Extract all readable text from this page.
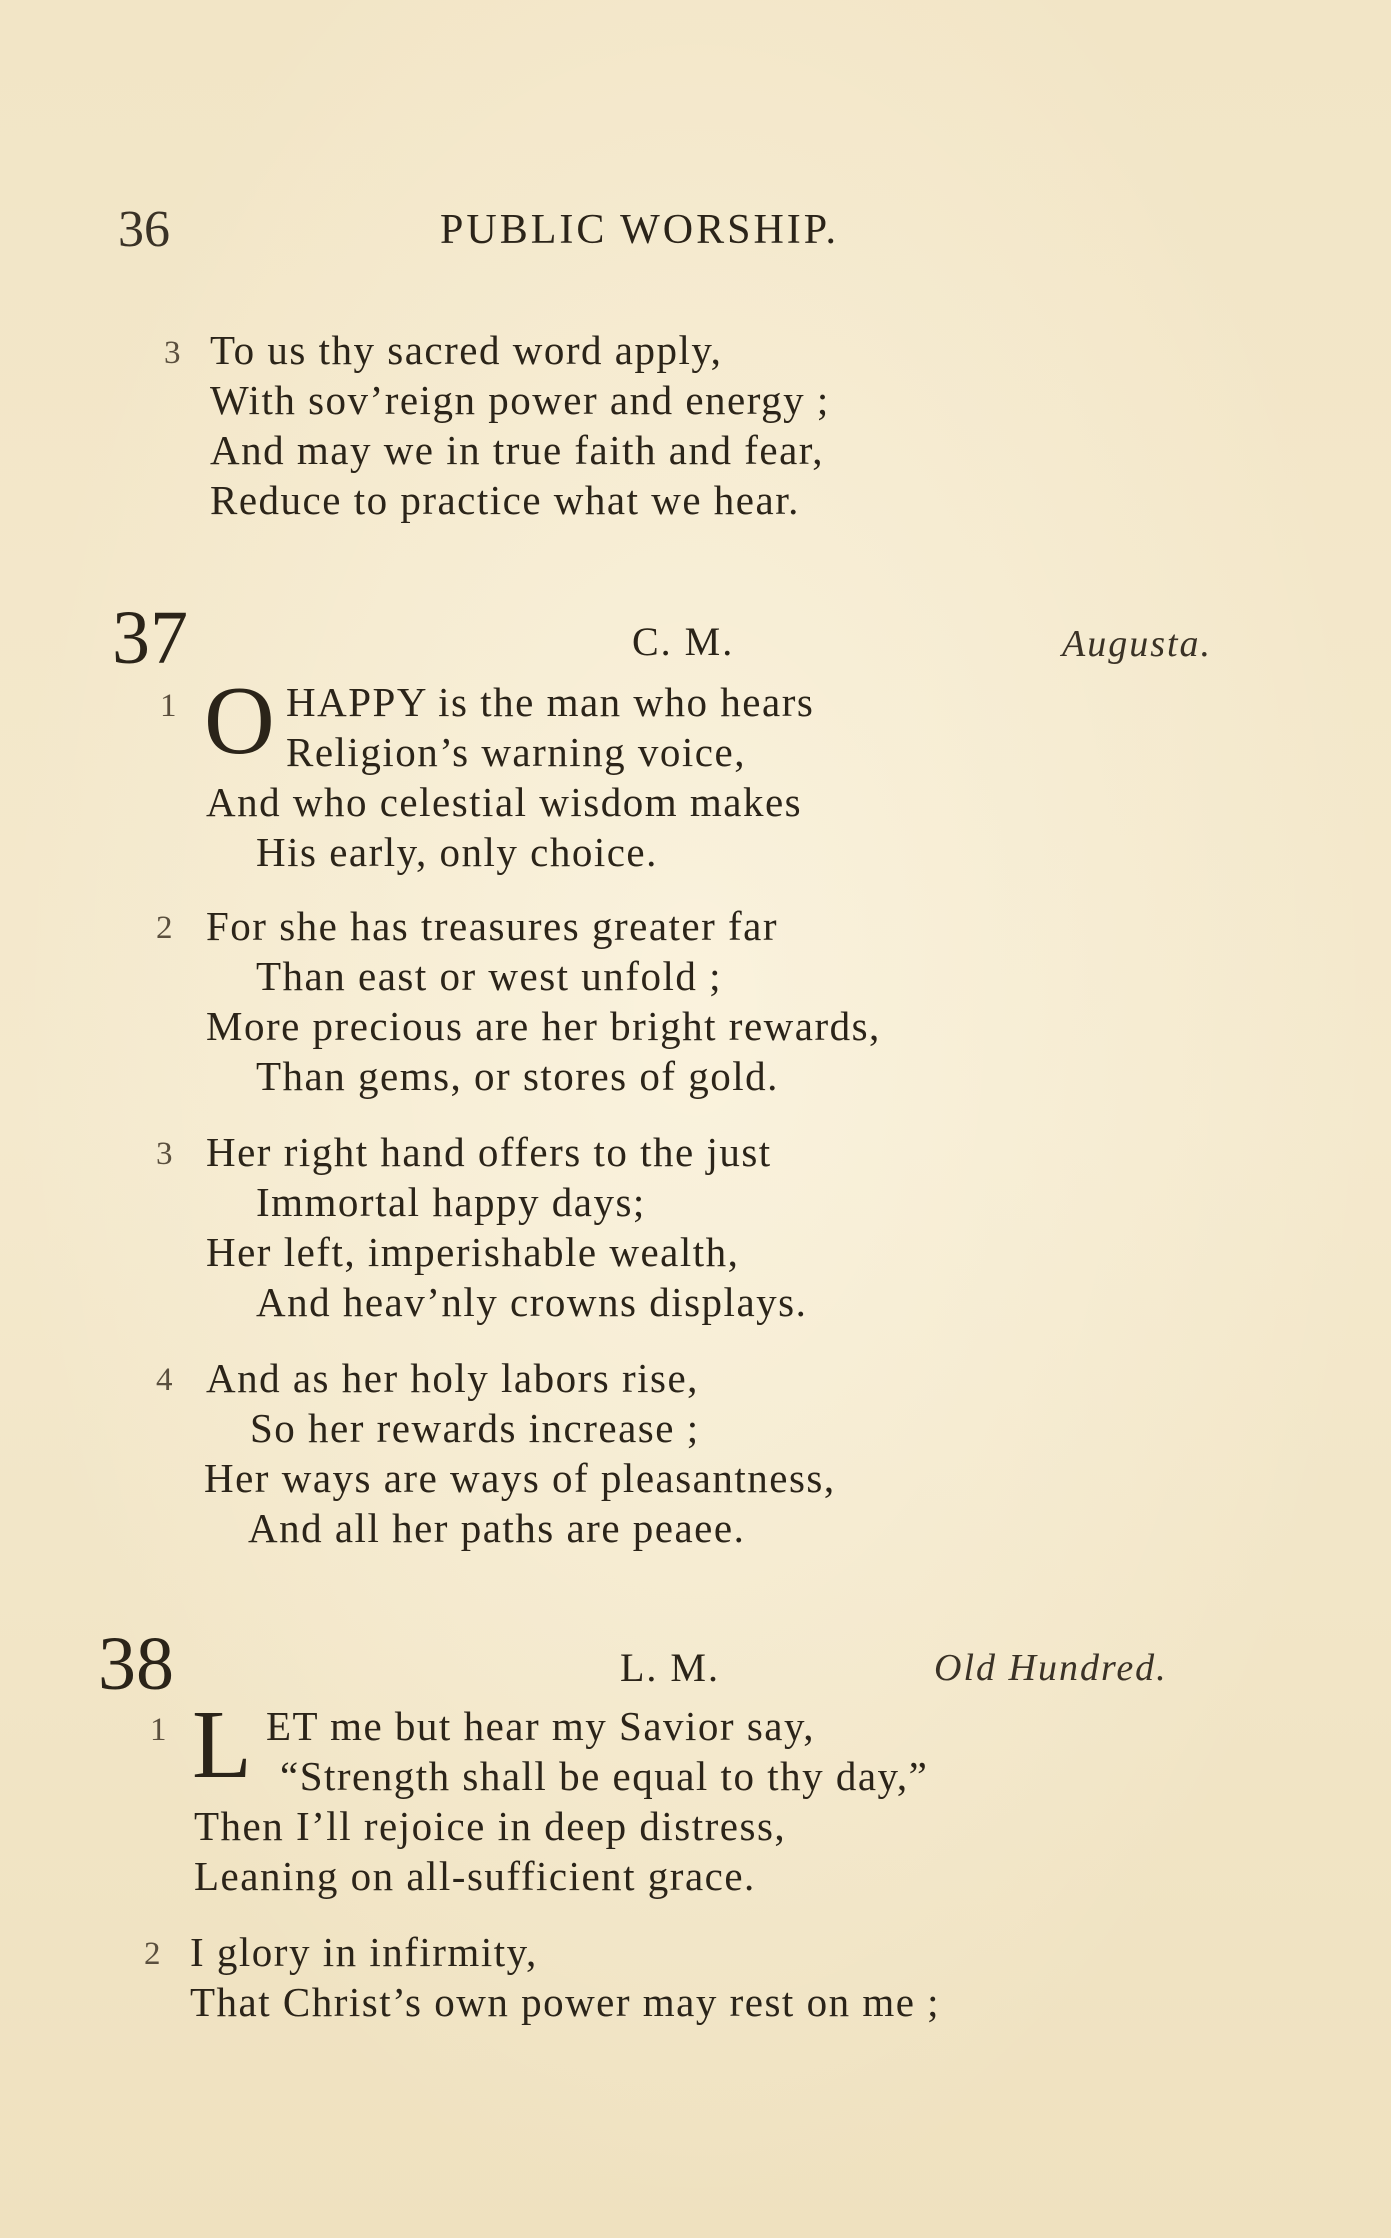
36	PUBLIC WORSHIP.
3 To us thy sacred word apply,
With sov’reign power and energy ;
And may we in true faith and fear,
Reduce to practice what we hear.
37	C. M.	Augusta.
1 O HAPPY is the man who hears
Religion’s warning voice,
And who celestial wisdom makes
His early, only choice.
2 For she has treasures greater far
Than east or west unfold ;
More precious are her bright rewards,
Than gems, or stores of gold.
3 Her right hand offers to the just
Immortal happy days;
Her left, imperishable wealth,
And heav’nly crowns displays.
4 And as her holy labors rise,
So her rewards increase ;
Her ways are ways of pleasantness,
And all her paths are peaee.
38	L. M.	Old Hundred.
1 L ET me but hear my Savior say,
“Strength shall be equal to thy day,”
Then I’ll rejoice in deep distress,
Leaning on all-sufficient grace.
2 I glory in infirmity,
That Christ’s own power may rest on me ;
